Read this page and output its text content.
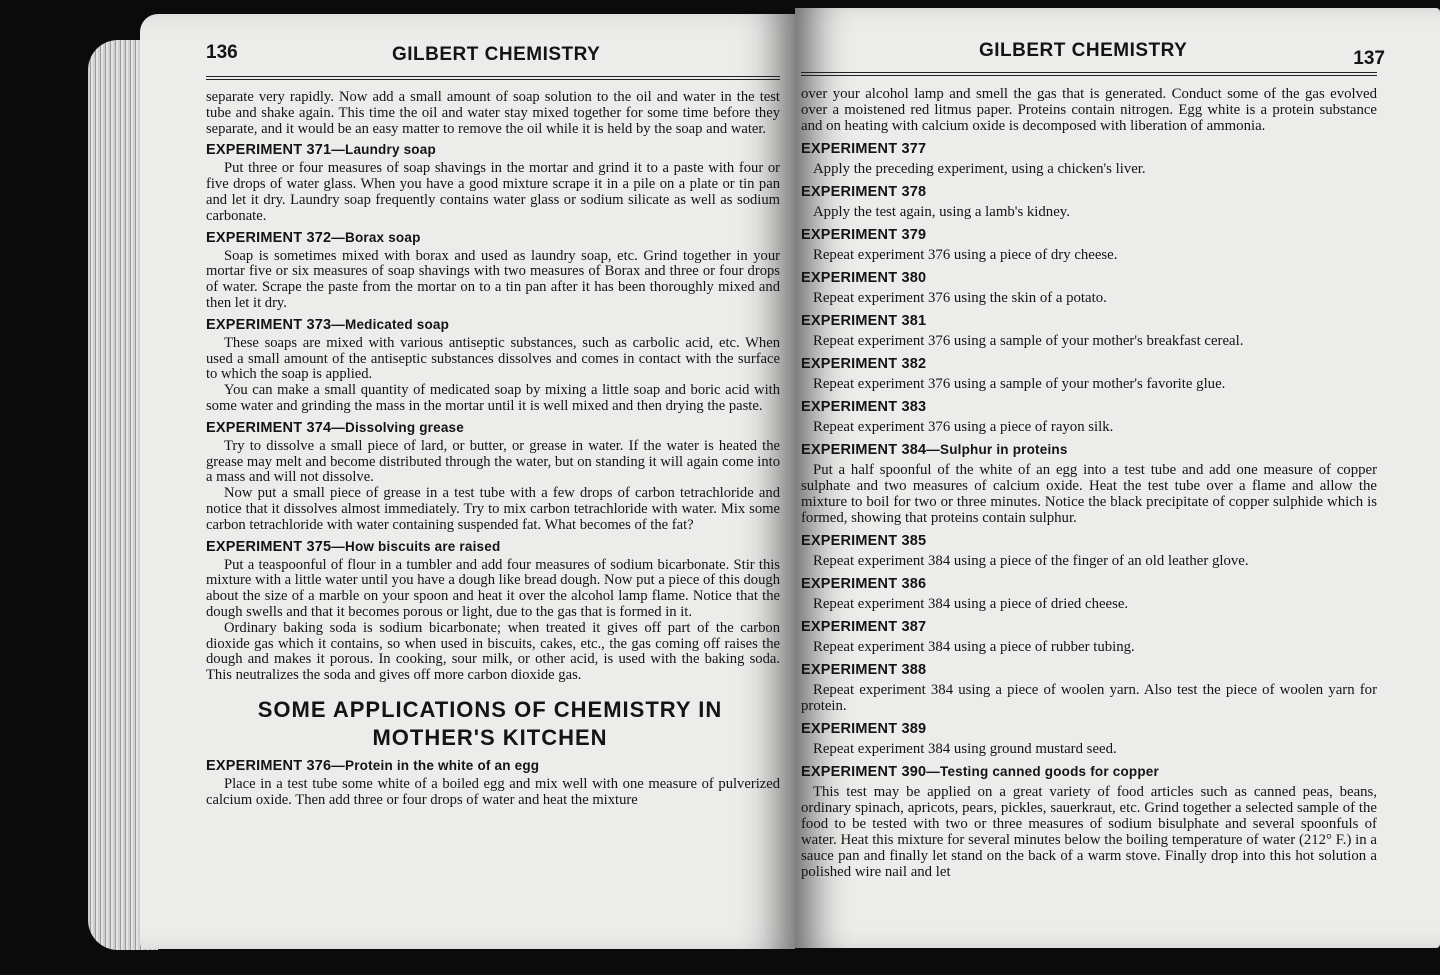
136	GILBERT CHEMISTRY

separate very rapidly. Now add a small amount of soap solution to the oil and water in the test tube and shake again. This time the oil and water stay mixed together for some time before they separate, and it would be an easy matter to remove the oil while it is held by the soap and water.

EXPERIMENT 371—Laundry soap

Put three or four measures of soap shavings in the mortar and grind it to a paste with four or five drops of water glass. When you have a good mixture scrape it in a pile on a plate or tin pan and let it dry. Laundry soap frequently contains water glass or sodium silicate as well as sodium carbonate.

EXPERIMENT 372—Borax soap

Soap is sometimes mixed with borax and used as laundry soap, etc. Grind together in your mortar five or six measures of soap shavings with two measures of Borax and three or four drops of water. Scrape the paste from the mortar on to a tin pan after it has been thoroughly mixed and then let it dry.

EXPERIMENT 373—Medicated soap

These soaps are mixed with various antiseptic substances, such as carbolic acid, etc. When used a small amount of the antiseptic substances dissolves and comes in contact with the surface to which the soap is applied.

You can make a small quantity of medicated soap by mixing a little soap and boric acid with some water and grinding the mass in the mortar until it is well mixed and then drying the paste.

EXPERIMENT 374—Dissolving grease

Try to dissolve a small piece of lard, or butter, or grease in water. If the water is heated the grease may melt and become distributed through the water, but on standing it will again come into a mass and will not dissolve.

Now put a small piece of grease in a test tube with a few drops of carbon tetrachloride and notice that it dissolves almost immediately. Try to mix carbon tetrachloride with water. Mix some carbon tetrachloride with water containing suspended fat. What becomes of the fat?

EXPERIMENT 375—How biscuits are raised

Put a teaspoonful of flour in a tumbler and add four measures of sodium bicarbonate. Stir this mixture with a little water until you have a dough like bread dough. Now put a piece of this dough about the size of a marble on your spoon and heat it over the alcohol lamp flame. Notice that the dough swells and that it becomes porous or light, due to the gas that is formed in it.

Ordinary baking soda is sodium bicarbonate; when treated it gives off part of the carbon dioxide gas which it contains, so when used in biscuits, cakes, etc., the gas coming off raises the dough and makes it porous. In cooking, sour milk, or other acid, is used with the baking soda. This neutralizes the soda and gives off more carbon dioxide gas.

SOME APPLICATIONS OF CHEMISTRY IN MOTHER'S KITCHEN
EXPERIMENT 376—Protein in the white of an egg

Place in a test tube some white of a boiled egg and mix well with one measure of pulverized calcium oxide. Then add three or four drops of water and heat the mixture

GILBERT CHEMISTRY	137

over your alcohol lamp and smell the gas that is generated. Conduct some of the gas evolved over a moistened red litmus paper. Proteins contain nitrogen. Egg white is a protein substance and on heating with calcium oxide is decomposed with liberation of ammonia.

EXPERIMENT 377

Apply the preceding experiment, using a chicken's liver.

EXPERIMENT 378

Apply the test again, using a lamb's kidney.

EXPERIMENT 379

Repeat experiment 376 using a piece of dry cheese.

EXPERIMENT 380

Repeat experiment 376 using the skin of a potato.

EXPERIMENT 381

Repeat experiment 376 using a sample of your mother's breakfast cereal.

EXPERIMENT 382

Repeat experiment 376 using a sample of your mother's favorite glue.

EXPERIMENT 383

Repeat experiment 376 using a piece of rayon silk.

EXPERIMENT 384—Sulphur in proteins

Put a half spoonful of the white of an egg into a test tube and add one measure of copper sulphate and two measures of calcium oxide. Heat the test tube over a flame and allow the mixture to boil for two or three minutes. Notice the black precipitate of copper sulphide which is formed, showing that proteins contain sulphur.

EXPERIMENT 385

Repeat experiment 384 using a piece of the finger of an old leather glove.

EXPERIMENT 386

Repeat experiment 384 using a piece of dried cheese.

EXPERIMENT 387

Repeat experiment 384 using a piece of rubber tubing.

EXPERIMENT 388

Repeat experiment 384 using a piece of woolen yarn. Also test the piece of woolen yarn for protein.

EXPERIMENT 389

Repeat experiment 384 using ground mustard seed.

EXPERIMENT 390—Testing canned goods for copper

This test may be applied on a great variety of food articles such as canned peas, beans, ordinary spinach, apricots, pears, pickles, sauerkraut, etc. Grind together a selected sample of the food to be tested with two or three measures of sodium bisulphate and several spoonfuls of water. Heat this mixture for several minutes below the boiling temperature of water (212° F.) in a sauce pan and finally let stand on the back of a warm stove. Finally drop into this hot solution a polished wire nail and let
